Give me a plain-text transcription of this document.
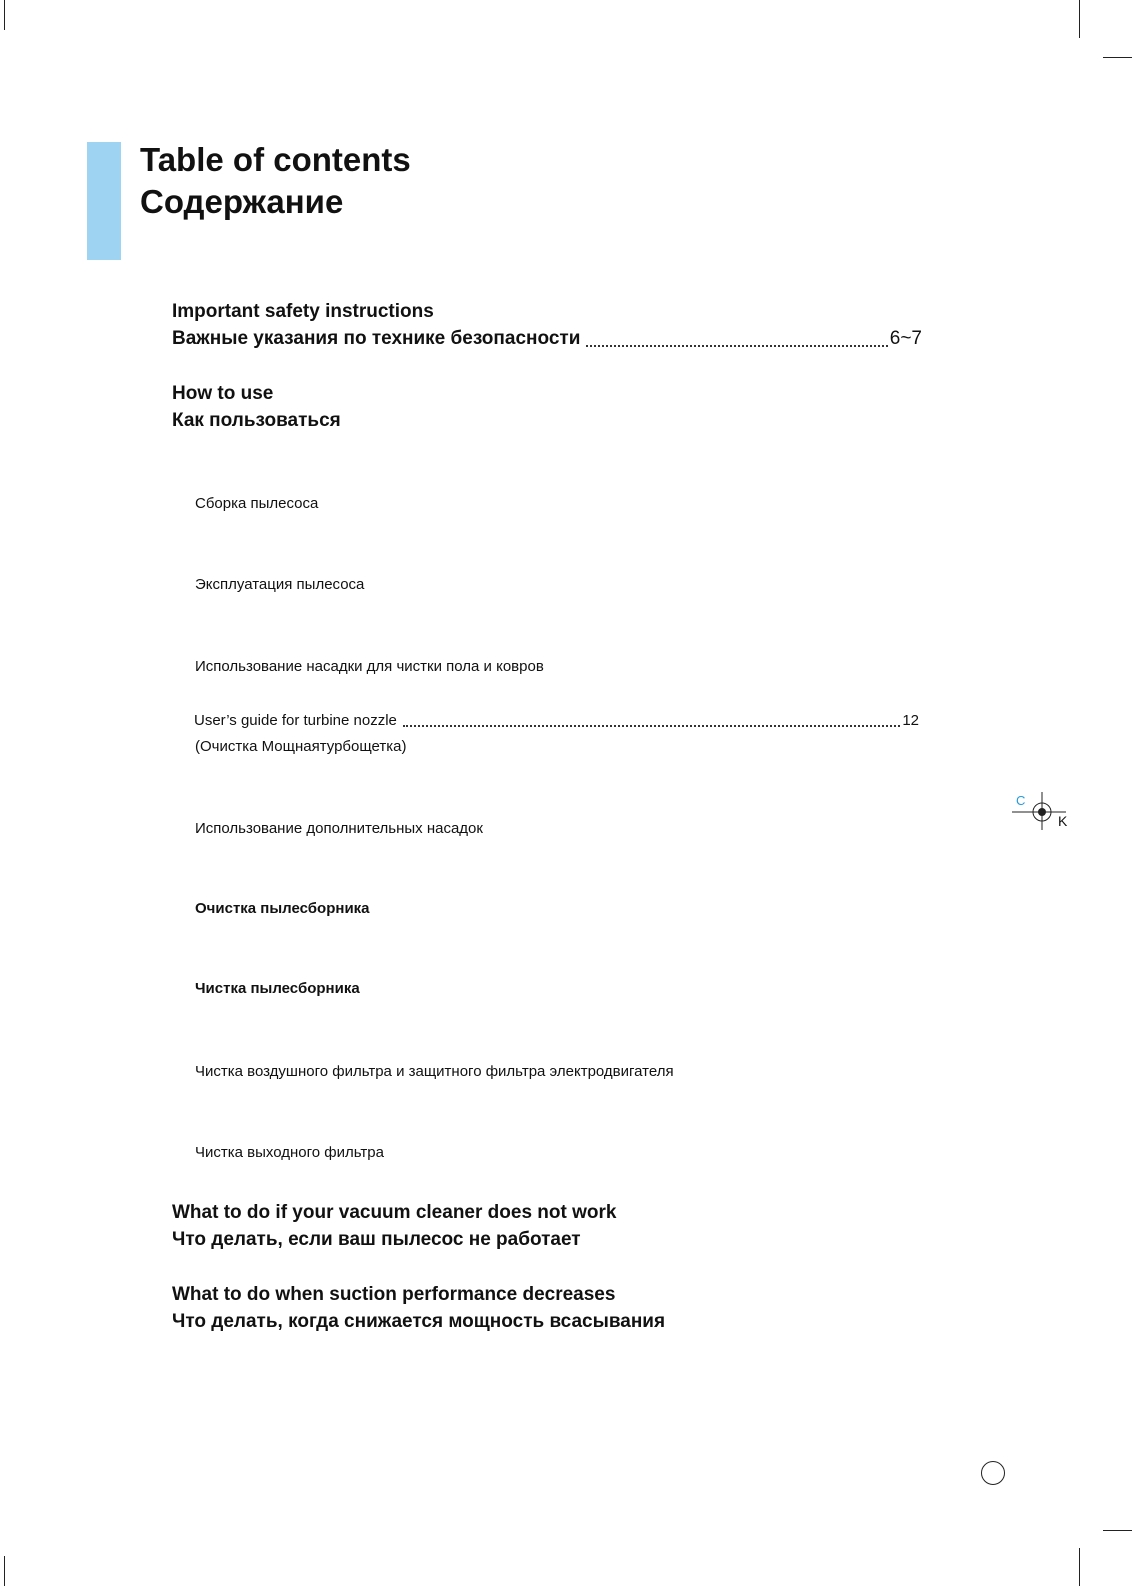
Table of contents
Содержание
Important safety instructions
Важные указания по технике безопасности	6~7
How to use
Как пользоваться
Сборка пылесоса
Эксплуатация пылесоса
Использование насадки для чистки пола и ковров
User’s guide for turbine nozzle	12
(Очистка Мощнаятурбощетка)
Использование дополнительных насадок
Очистка пылесборника
Чистка пылесборника
Чистка воздушного фильтра и защитного фильтра электродвигателя
Чистка выходного фильтра
What to do if your vacuum cleaner does not work
Что делать, если ваш пылесос не работает
What to do when suction performance decreases
Что делать, когда снижается мощность всасывания
C
K
